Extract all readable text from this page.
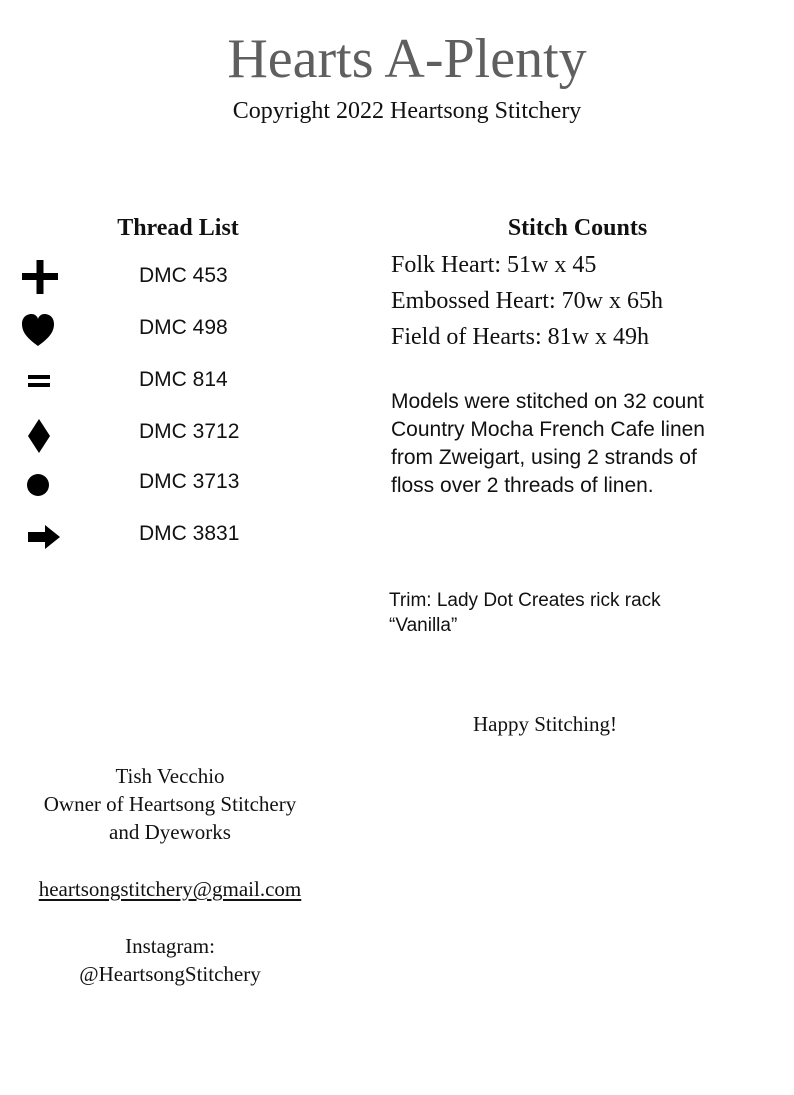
Hearts A-Plenty
Copyright 2022 Heartsong Stitchery
Thread List	Stitch Counts
DMC 453
DMC 498
DMC 814
DMC 3712
DMC 3713
DMC 3831
Folk Heart: 51w x 45
Embossed Heart: 70w x 65h
Field of Hearts: 81w x 49h
Models were stitched on 32 count
Country Mocha French Cafe linen
from Zweigart, using 2 strands of
floss over 2 threads of linen.
Trim: Lady Dot Creates rick rack
“Vanilla”
Happy Stitching!
Tish Vecchio
Owner of Heartsong Stitchery
and Dyeworks
heartsongstitchery@gmail.com
Instagram:
@HeartsongStitchery
